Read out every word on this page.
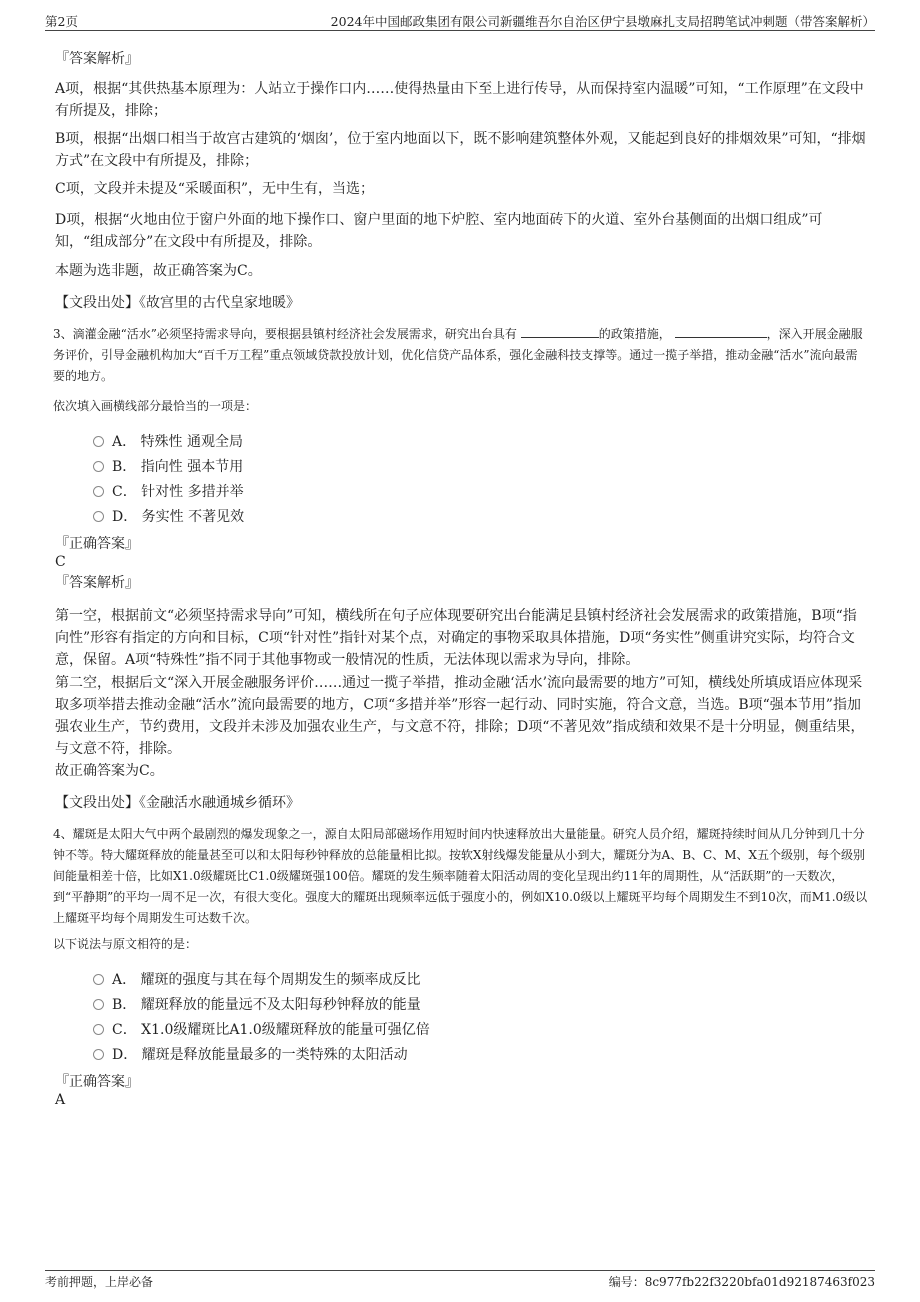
第2页	2024年中国邮政集团有限公司新疆维吾尔自治区伊宁县墩麻扎支局招聘笔试冲刺题（带答案解析）

『答案解析』

A项，根据“其供热基本原理为：人站立于操作口内……使得热量由下至上进行传导，从而保持室内温暖”可知，“工作原理”在文段中有所提及，排除；

B项，根据“出烟口相当于故宫古建筑的‘烟囱’，位于室内地面以下，既不影响建筑整体外观，又能起到良好的排烟效果”可知，“排烟方式”在文段中有所提及，排除；

C项，文段并未提及“采暖面积”，无中生有，当选；

D项，根据“火地由位于窗户外面的地下操作口、窗户里面的地下炉腔、室内地面砖下的火道、室外台基侧面的出烟口组成”可知，“组成部分”在文段中有所提及，排除。

本题为选非题，故正确答案为C。

【文段出处】《故宫里的古代皇家地暖》

3、滴灌金融“活水”必须坚持需求导向，要根据县镇村经济社会发展需求，研究出台具有	的政策措施，	，深入开展金融服务评价，引导金融机构加大“百千万工程”重点领域贷款投放计划，优化信贷产品体系，强化金融科技支撑等。通过一揽子举措，推动金融“活水”流向最需要的地方。

依次填入画横线部分最恰当的一项是：

A． 特殊性 通观全局
B． 指向性 强本节用
C． 针对性 多措并举
D． 务实性 不著见效

『正确答案』

C

『答案解析』

第一空，根据前文“必须坚持需求导向”可知，横线所在句子应体现要研究出台能满足县镇村经济社会发展需求的政策措施，B项“指向性”形容有指定的方向和目标，C项“针对性”指针对某个点，对确定的事物采取具体措施，D项“务实性”侧重讲究实际，均符合文意，保留。A项“特殊性”指不同于其他事物或一般情况的性质，无法体现以需求为导向，排除。

第二空，根据后文“深入开展金融服务评价……通过一揽子举措，推动金融‘活水’流向最需要的地方”可知，横线处所填成语应体现采取多项举措去推动金融“活水”流向最需要的地方，C项“多措并举”形容一起行动、同时实施，符合文意，当选。B项“强本节用”指加强农业生产，节约费用，文段并未涉及加强农业生产，与文意不符，排除；D项“不著见效”指成绩和效果不是十分明显，侧重结果，与文意不符，排除。

故正确答案为C。

【文段出处】《金融活水融通城乡循环》

4、耀斑是太阳大气中两个最剧烈的爆发现象之一，源自太阳局部磁场作用短时间内快速释放出大量能量。研究人员介绍，耀斑持续时间从几分钟到几十分钟不等。特大耀斑释放的能量甚至可以和太阳每秒钟释放的总能量相比拟。按软X射线爆发能量从小到大，耀斑分为A、B、C、M、X五个级别，每个级别间能量相差十倍，比如X1.0级耀斑比C1.0级耀斑强100倍。耀斑的发生频率随着太阳活动周的变化呈现出约11年的周期性，从“活跃期”的一天数次，到“平静期”的平均一周不足一次，有很大变化。强度大的耀斑出现频率远低于强度小的，例如X10.0级以上耀斑平均每个周期发生不到10次，而M1.0级以上耀斑平均每个周期发生可达数千次。

以下说法与原文相符的是：

A． 耀斑的强度与其在每个周期发生的频率成反比
B． 耀斑释放的能量远不及太阳每秒钟释放的能量
C． X1.0级耀斑比A1.0级耀斑释放的能量可强亿倍
D． 耀斑是释放能量最多的一类特殊的太阳活动

『正确答案』

A

考前押题，上岸必备	编号：8c977fb22f3220bfa01d92187463f023
